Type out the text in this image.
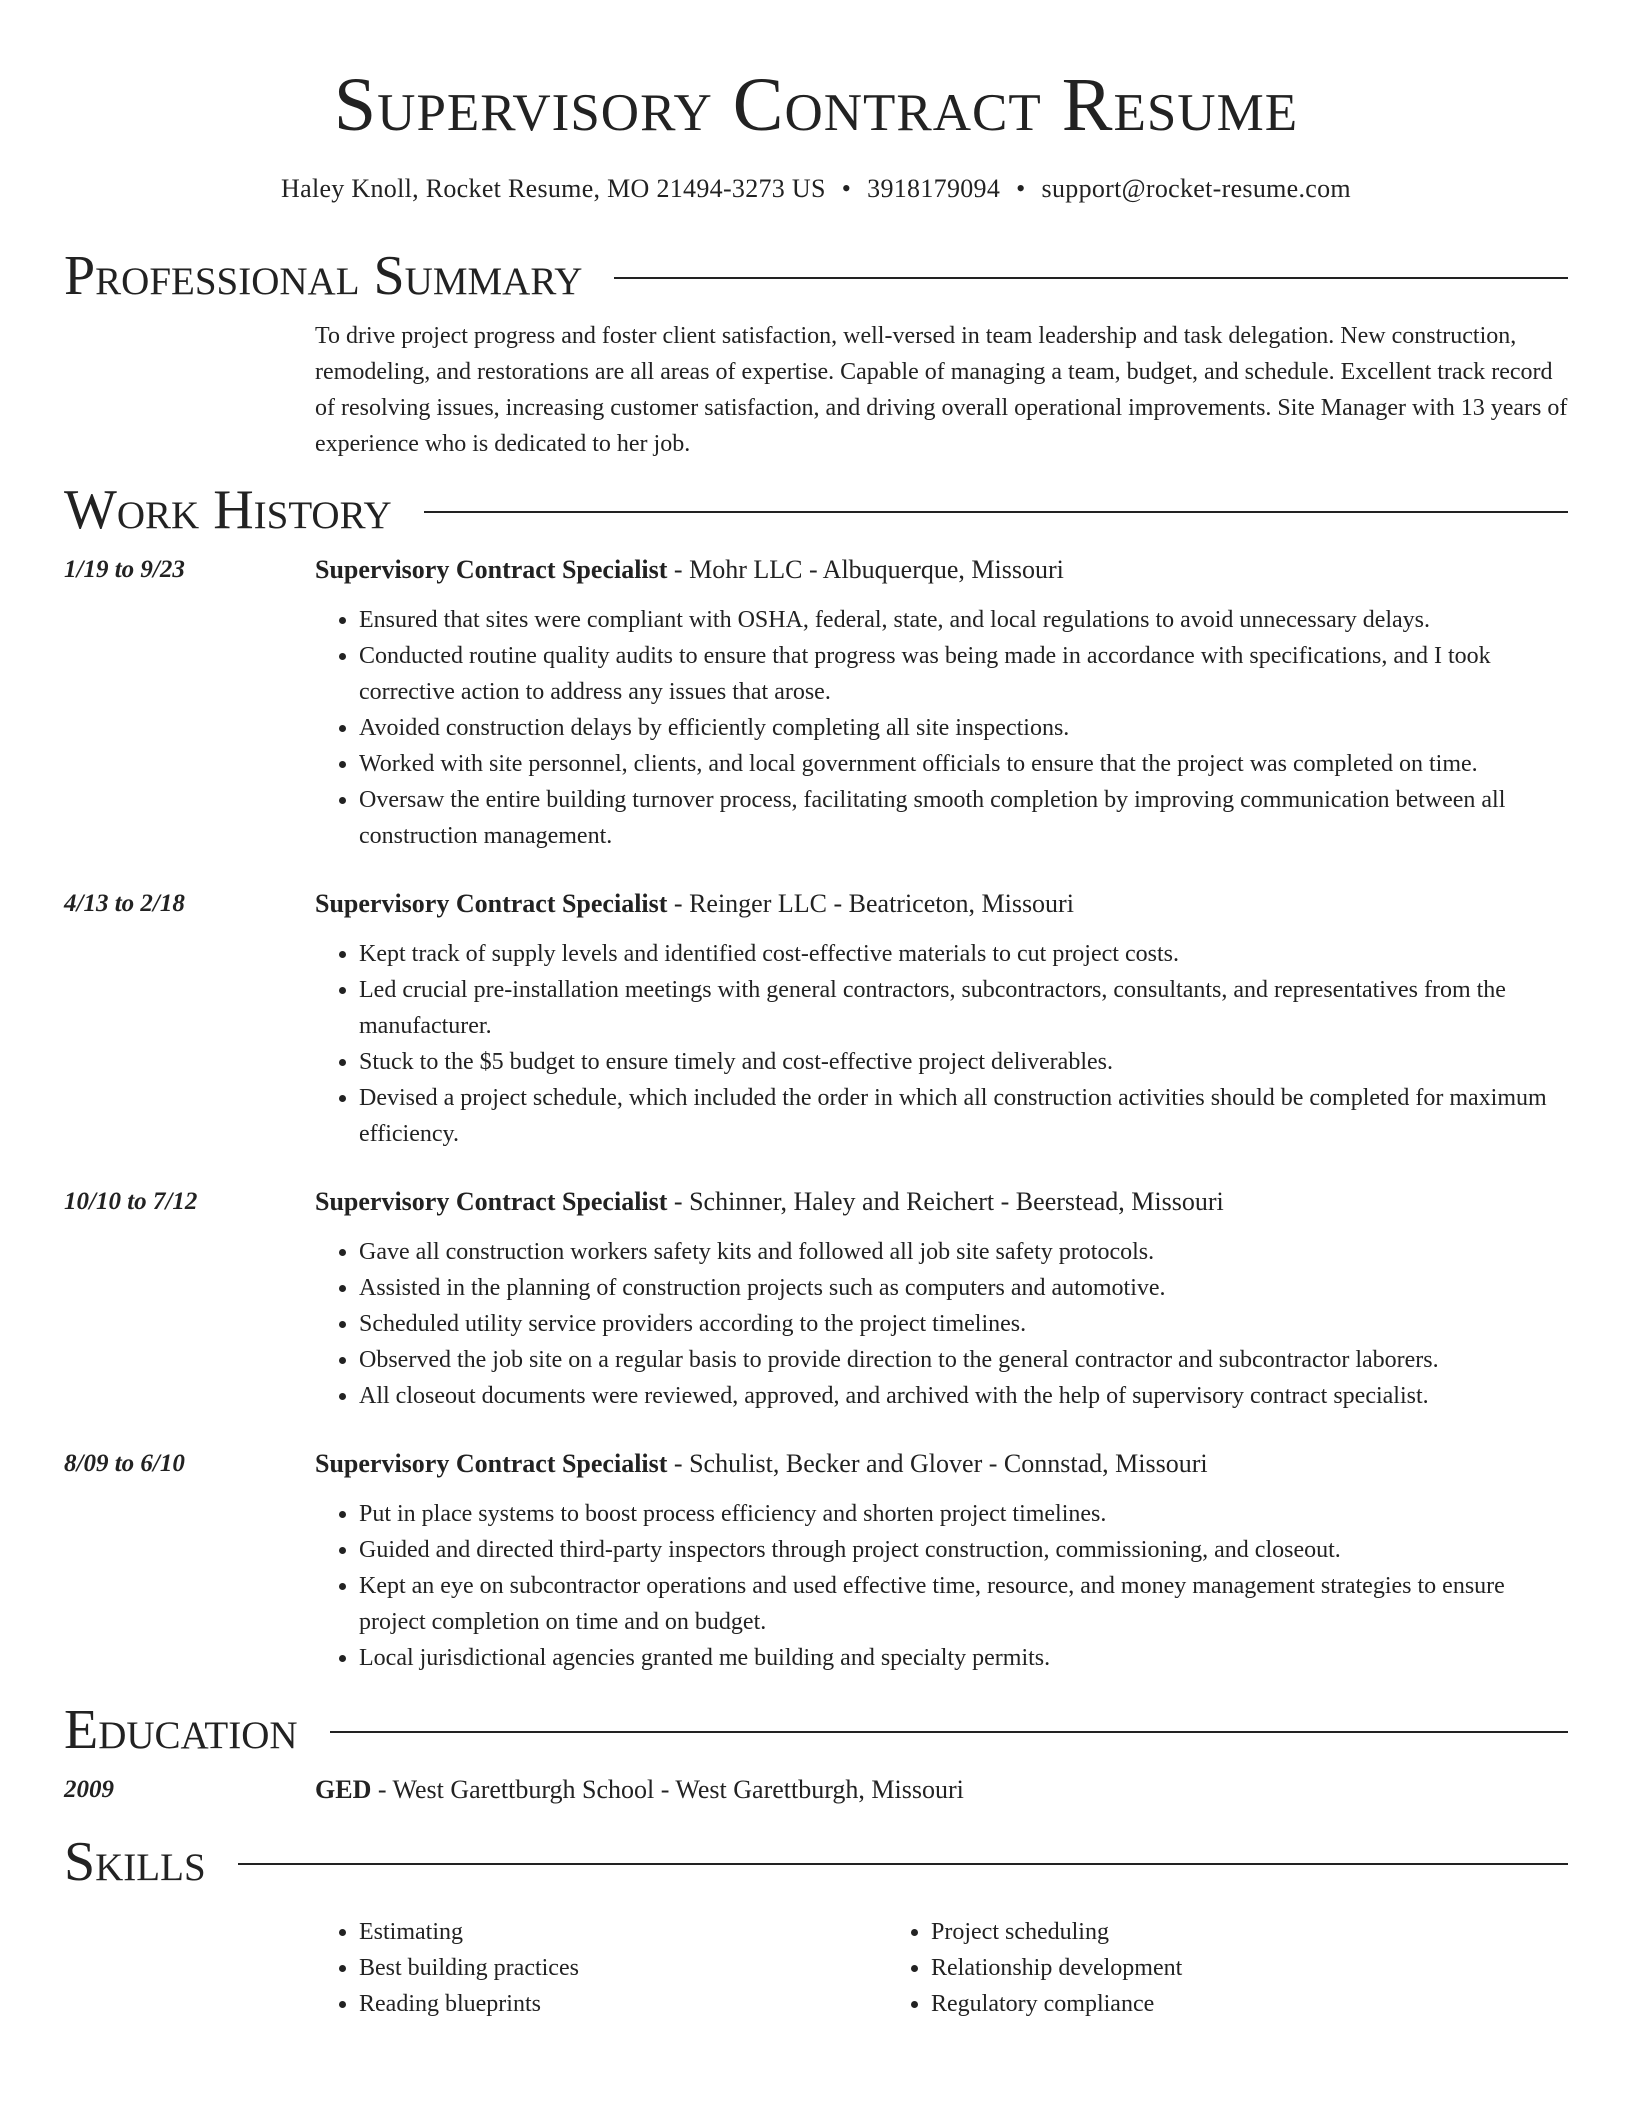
Supervisory Contract Resume
Haley Knoll, Rocket Resume, MO 21494-3273 US • 3918179094 • support@rocket-resume.com
Professional Summary

To drive project progress and foster client satisfaction, well-versed in team leadership and task delegation. New construction, remodeling, and restorations are all areas of expertise. Capable of managing a team, budget, and schedule. Excellent track record of resolving issues, increasing customer satisfaction, and driving overall operational improvements. Site Manager with 13 years of experience who is dedicated to her job.

Work History
1/19 to 9/23	Supervisory Contract Specialist - Mohr LLC - Albuquerque, Missouri
• Ensured that sites were compliant with OSHA, federal, state, and local regulations to avoid unnecessary delays.
• Conducted routine quality audits to ensure that progress was being made in accordance with specifications, and I took corrective action to address any issues that arose.
• Avoided construction delays by efficiently completing all site inspections.
• Worked with site personnel, clients, and local government officials to ensure that the project was completed on time.
• Oversaw the entire building turnover process, facilitating smooth completion by improving communication between all construction management.
4/13 to 2/18	Supervisory Contract Specialist - Reinger LLC - Beatriceton, Missouri
• Kept track of supply levels and identified cost-effective materials to cut project costs.
• Led crucial pre-installation meetings with general contractors, subcontractors, consultants, and representatives from the manufacturer.
• Stuck to the $5 budget to ensure timely and cost-effective project deliverables.
• Devised a project schedule, which included the order in which all construction activities should be completed for maximum efficiency.
10/10 to 7/12	Supervisory Contract Specialist - Schinner, Haley and Reichert - Beerstead, Missouri
• Gave all construction workers safety kits and followed all job site safety protocols.
• Assisted in the planning of construction projects such as computers and automotive.
• Scheduled utility service providers according to the project timelines.
• Observed the job site on a regular basis to provide direction to the general contractor and subcontractor laborers.
• All closeout documents were reviewed, approved, and archived with the help of supervisory contract specialist.
8/09 to 6/10	Supervisory Contract Specialist - Schulist, Becker and Glover - Connstad, Missouri
• Put in place systems to boost process efficiency and shorten project timelines.
• Guided and directed third-party inspectors through project construction, commissioning, and closeout.
• Kept an eye on subcontractor operations and used effective time, resource, and money management strategies to ensure project completion on time and on budget.
• Local jurisdictional agencies granted me building and specialty permits.
Education
2009	GED - West Garettburgh School - West Garettburgh, Missouri
Skills
• Estimating
• Best building practices
• Reading blueprints
• Project scheduling
• Relationship development
• Regulatory compliance
